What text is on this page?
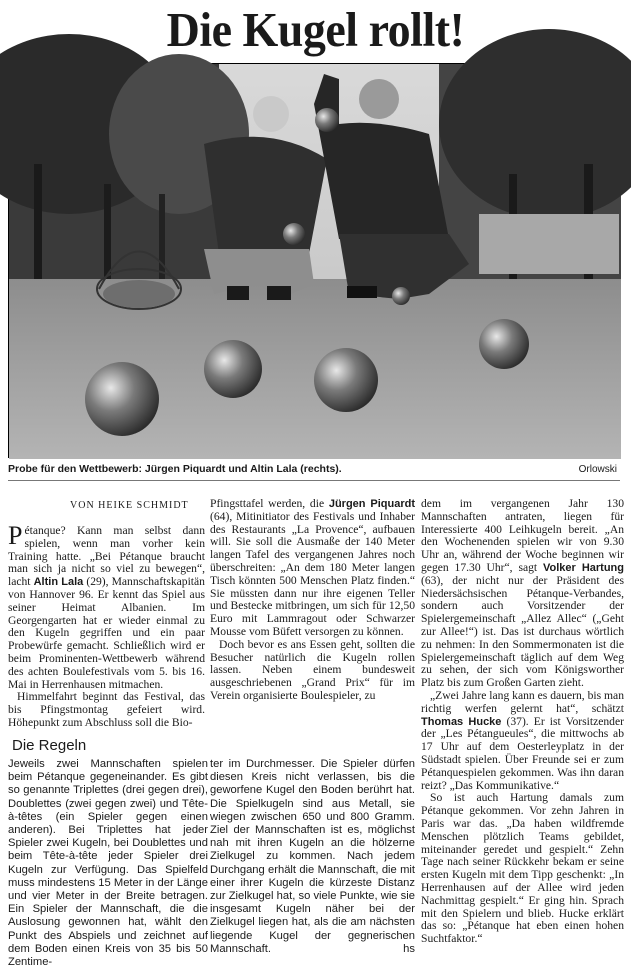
Die Kugel rollt!
Probe für den Wettbewerb: Jürgen Piquardt und Altin Lala (rechts).	Orlowski
VON HEIKE SCHMIDT

Pétanque? Kann man selbst dann spielen, wenn man vorher kein Training hatte. „Bei Pétanque braucht man sich ja nicht so viel zu bewegen“, lacht Altin Lala (29), Mannschaftskapitän von Hannover 96. Er kennt das Spiel aus seiner Heimat Albanien. Im Georgengarten hat er wieder einmal zu den Kugeln gegriffen und ein paar Probewürfe gemacht. Schließlich wird er beim Prominenten-Wettbewerb während des achten Boulefestivals vom 5. bis 16. Mai in Herrenhausen mitmachen.

Himmelfahrt beginnt das Festival, das bis Pfingstmontag gefeiert wird. Höhepunkt zum Abschluss soll die Bio-

Pfingsttafel werden, die Jürgen Piquardt (64), Mitinitiator des Festivals und Inhaber des Restaurants „La Provence“, aufbauen will. Sie soll die Ausmaße der 140 Meter langen Tafel des vergangenen Jahres noch überschreiten: „An dem 180 Meter langen Tisch könnten 500 Menschen Platz finden.“ Sie müssten dann nur ihre eigenen Teller und Bestecke mitbringen, um sich für 12,50 Euro mit Lammragout oder Schwarzer Mousse vom Büfett versorgen zu können.

Doch bevor es ans Essen geht, sollten die Besucher natürlich die Kugeln rollen lassen. Neben einem bundesweit ausgeschriebenen „Grand Prix“ für im Verein organisierte Boulespieler, zu

dem im vergangenen Jahr 130 Mannschaften antraten, liegen für Interessierte 400 Leihkugeln bereit. „An den Wochenenden spielen wir von 9.30 Uhr an, während der Woche beginnen wir gegen 17.30 Uhr“, sagt Volker Hartung (63), der nicht nur der Präsident des Niedersächsischen Pétanque-Verbandes, sondern auch Vorsitzender der Spielergemeinschaft „Allez Allec“ („Geht zur Allee!“) ist. Das ist durchaus wörtlich zu nehmen: In den Sommermonaten ist die Spielergemeinschaft täglich auf dem Weg zu sehen, der sich vom Königsworther Platz bis zum Großen Garten zieht.

„Zwei Jahre lang kann es dauern, bis man richtig werfen gelernt hat“, schätzt Thomas Hucke (37). Er ist Vorsitzender der „Les Pétangueules“, die mittwochs ab 17 Uhr auf dem Oesterleyplatz in der Südstadt spielen. Über Freunde sei er zum Pétanquespielen gekommen. Was ihn daran reizt? „Das Kommunikative.“

So ist auch Hartung damals zum Pétanque gekommen. Vor zehn Jahren in Paris war das. „Da haben wildfremde Menschen plötzlich Teams gebildet, miteinander geredet und gespielt.“ Zehn Tage nach seiner Rückkehr bekam er seine ersten Kugeln mit dem Tipp geschenkt: „In Herrenhausen auf der Allee wird jeden Nachmittag gespielt.“ Er ging hin. Sprach mit den Spielern und blieb. Hucke erklärt das so: „Pétanque hat eben einen hohen Suchtfaktor.“

Die Regeln
Jeweils zwei Mannschaften spielen beim Pétanque gegeneinander. Es gibt so genannte Triplettes (drei gegen drei), Doublettes (zwei gegen zwei) und Tête-à-têtes (ein Spieler gegen einen anderen). Bei Triplettes hat jeder Spieler zwei Kugeln, bei Doublettes und beim Tête-à-tête jeder Spieler drei Kugeln zur Verfügung. Das Spielfeld muss mindestens 15 Meter in der Länge und vier Meter in der Breite betragen. Ein Spieler der Mannschaft, die die Auslosung gewonnen hat, wählt den Punkt des Abspiels und zeichnet auf dem Boden einen Kreis von 35 bis 50 Zentime-
ter im Durchmesser. Die Spieler dürfen diesen Kreis nicht verlassen, bis die geworfene Kugel den Boden berührt hat. Die Spielkugeln sind aus Metall, sie wiegen zwischen 650 und 800 Gramm. Ziel der Mannschaften ist es, möglichst nah mit ihren Kugeln an die hölzerne Zielkugel zu kommen. Nach jedem Durchgang erhält die Mannschaft, die mit einer ihrer Kugeln die kürzeste Distanz zur Zielkugel hat, so viele Punkte, wie sie insgesamt Kugeln näher bei der Zielkugel liegen hat, als die am nächsten liegende Kugel der gegnerischen Mannschaft.	hs
